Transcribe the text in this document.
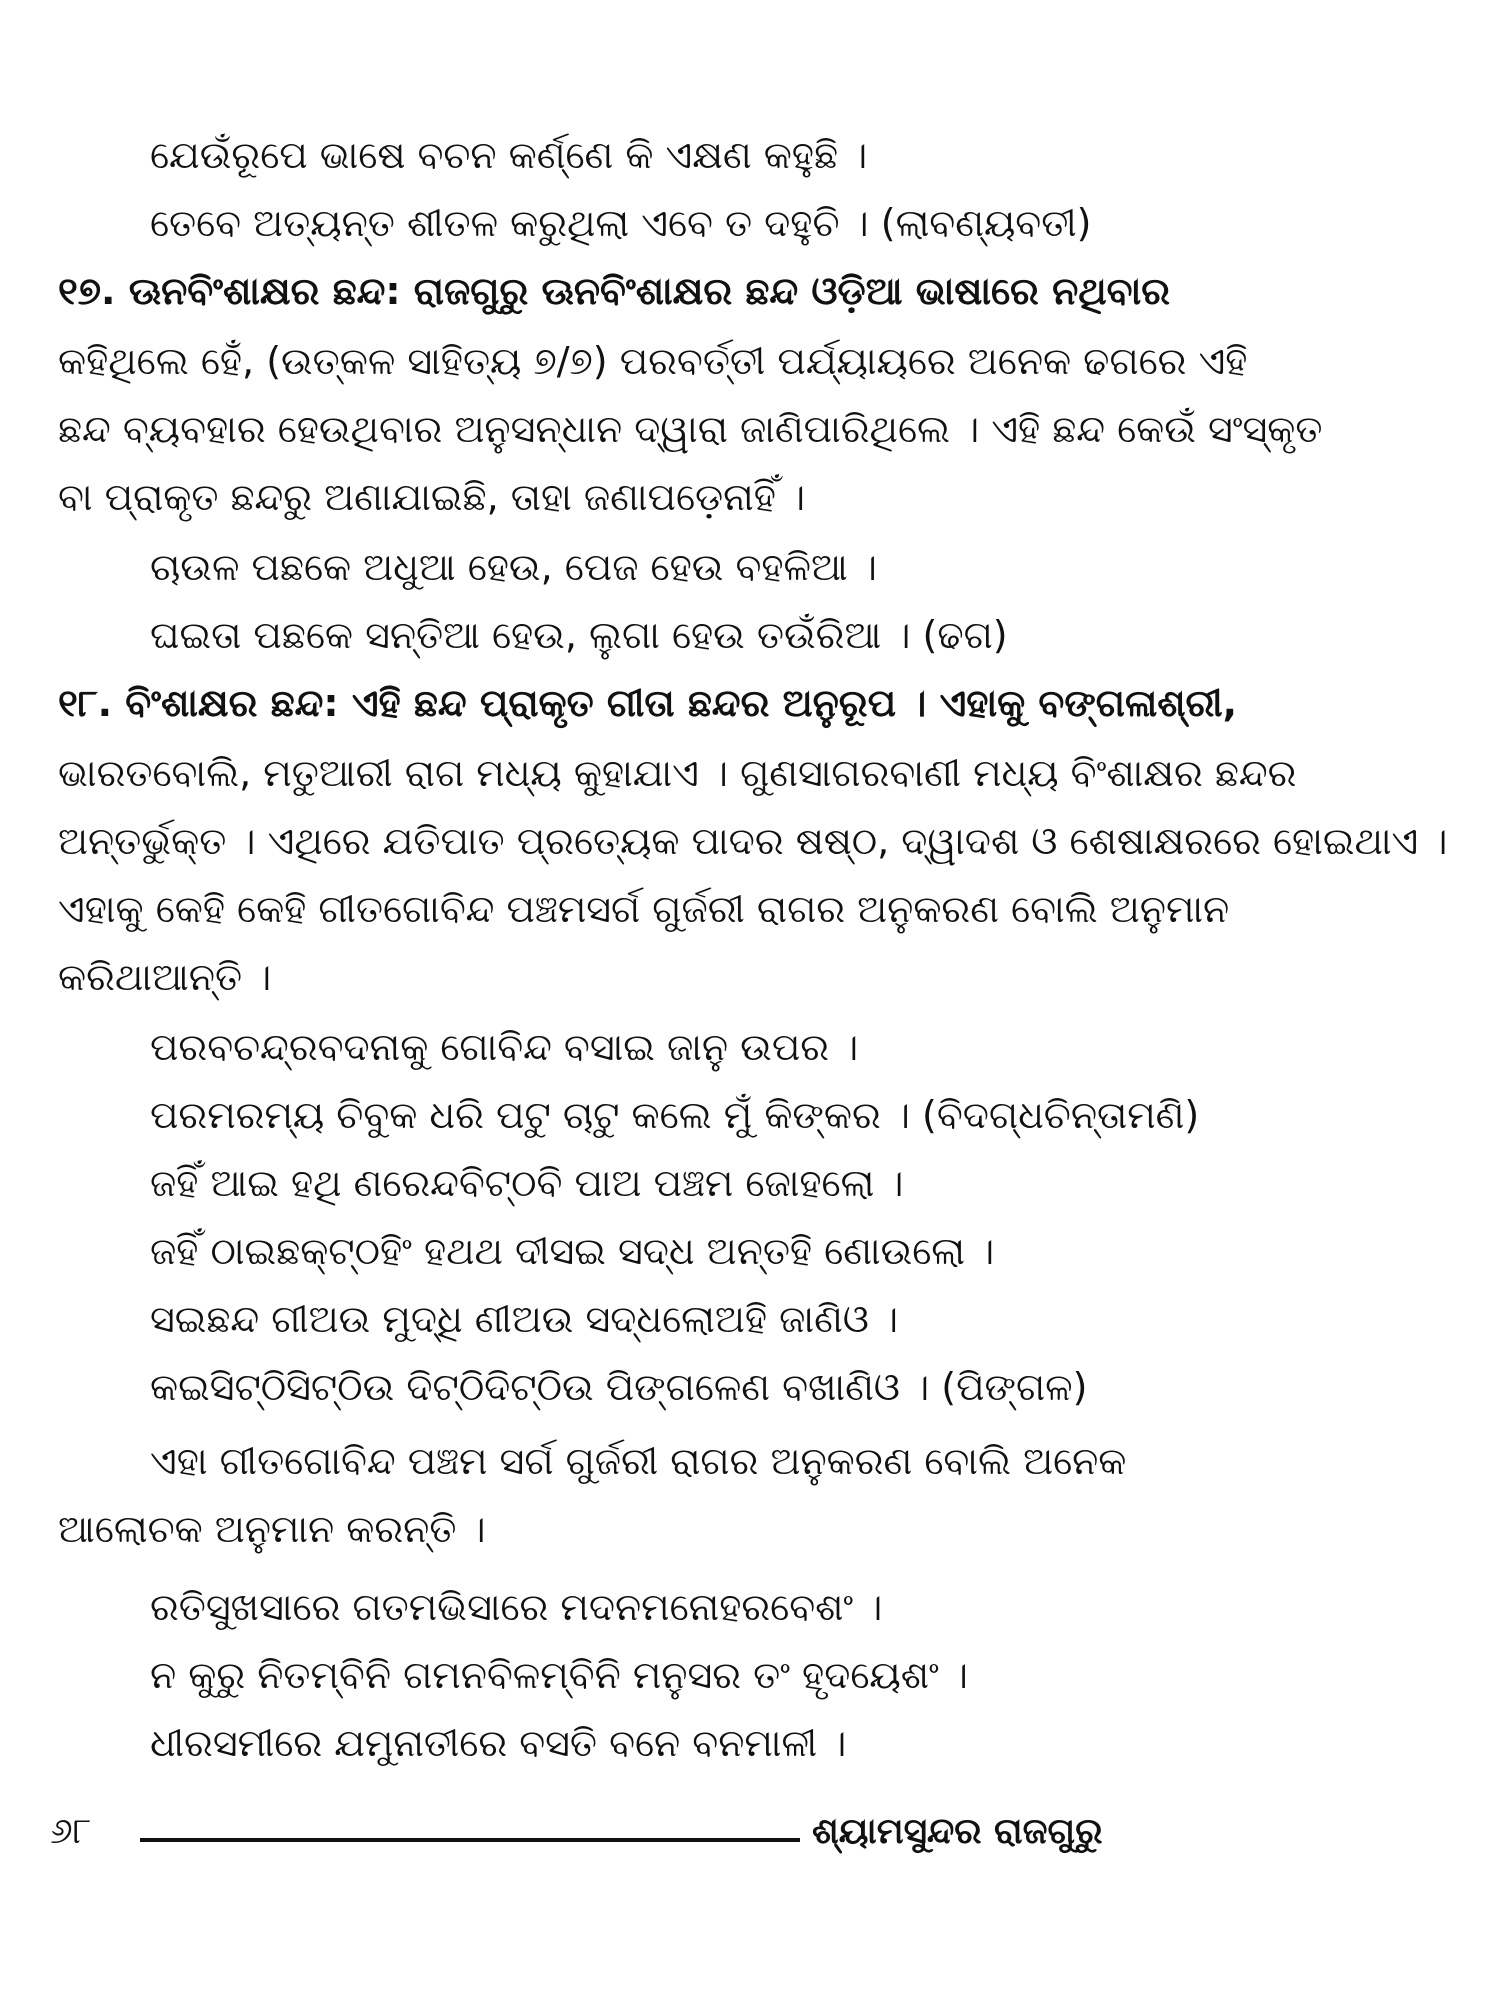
ଯେଉଁରୂପେ ଭାଷେ ବଚନ କର୍ଣ୍ଣେ କି ଏକ୍ଷଣ କହୁଛି ।
ତେବେ ଅତ୍ୟନ୍ତ ଶୀତଳ କରୁଥିଲା ଏବେ ତ ଦହୁଚି । (ଲାବଣ୍ୟବତୀ)
୧୭. ଊନବିଂଶାକ୍ଷର ଛନ୍ଦ: ରାଜଗୁରୁ ଊନବିଂଶାକ୍ଷର ଛନ୍ଦ ଓଡ଼ିଆ ଭାଷାରେ ନଥିବାର
କହିଥିଲେ ହେଁ, (ଉତ୍କଳ ସାହିତ୍ୟ ୭/୭) ପରବର୍ତ୍ତୀ ପର୍ଯ୍ୟାୟରେ ଅନେକ ଢଗରେ ଏହି
ଛନ୍ଦ ବ୍ୟବହାର ହେଉଥିବାର ଅନୁସନ୍ଧାନ ଦ୍ୱାରା ଜାଣିପାରିଥିଲେ । ଏହି ଛନ୍ଦ କେଉଁ ସଂସ୍କୃତ
ବା ପ୍ରାକୃତ ଛନ୍ଦରୁ ଅଣାଯାଇଛି, ତାହା ଜଣାପଡ଼େନାହିଁ ।
ଚାଉଳ ପଛକେ ଅଧୁଆ ହେଉ, ପେଜ ହେଉ ବହଳିଆ ।
ଘଇତା ପଛକେ ସନ୍ତିଆ ହେଉ, ଲୁଗା ହେଉ ତଉଁରିଆ । (ଢଗ)
୧୮. ବିଂଶାକ୍ଷର ଛନ୍ଦ: ଏହି ଛନ୍ଦ ପ୍ରାକୃତ ଗୀତା ଛନ୍ଦର ଅନୁରୂପ । ଏହାକୁ ବଙ୍ଗଳାଶ୍ରୀ,
ଭାରତବୋଲି, ମତୁଆରୀ ରାଗ ମଧ୍ୟ କୁହାଯାଏ । ଗୁଣସାଗରବାଣୀ ମଧ୍ୟ ବିଂଶାକ୍ଷର ଛନ୍ଦର
ଅନ୍ତର୍ଭୁକ୍ତ । ଏଥିରେ ଯତିପାତ ପ୍ରତ୍ୟେକ ପାଦର ଷଷ୍ଠ, ଦ୍ୱାଦଶ ଓ ଶେଷାକ୍ଷରରେ ହୋଇଥାଏ ।
ଏହାକୁ କେହି କେହି ଗୀତଗୋବିନ୍ଦ ପଞ୍ଚମସର୍ଗ ଗୁର୍ଜରୀ ରାଗର ଅନୁକରଣ ବୋଲି ଅନୁମାନ
କରିଥାଆନ୍ତି ।
ପରବଚନ୍ଦ୍ରବଦନାକୁ ଗୋବିନ୍ଦ ବସାଇ ଜାନୁ ଉପର ।
ପରମରମ୍ୟ ଚିବୁକ ଧରି ପଟୁ ଚାଟୁ କଲେ ମୁଁ କିଙ୍କର । (ବିଦଗ୍ଧଚିନ୍ତାମଣି)
ଜହିଁ ଆଇ ହଥି ଣରେନ୍ଦବିଟ୍‌ଠବି ପାଅ ପଞ୍ଚମ ଜୋହଲୋ ।
ଜହିଁ ଠାଇଛକ୍‌ଟ୍‌ଠହିଂ ହଥଥ ଦୀସଇ ସଦ୍ଧ ଅନ୍ତହି ଣୋଉଲୋ ।
ସଇଛନ୍ଦ ଗୀଅଉ ମୁଦ୍ଧି ଣୀଅଉ ସଦ୍ଧଲୋଅହି ଜାଣିଓ ।
କଇସିଟ୍‌ଠିସିଟ୍‌ଠିଉ ଦିଟ୍‌ଠିଦିଟ୍‌ଠିଉ ପିଙ୍ଗଳେଣ ବଖାଣିଓ । (ପିଙ୍ଗଳ)
ଏହା ଗୀତଗୋବିନ୍ଦ ପଞ୍ଚମ ସର୍ଗ ଗୁର୍ଜରୀ ରାଗର ଅନୁକରଣ ବୋଲି ଅନେକ
ଆଲୋଚକ ଅନୁମାନ କରନ୍ତି ।
ରତିସୁଖସାରେ ଗତମଭିସାରେ ମଦନମନୋହରବେଶଂ ।
ନ କୁରୁ ନିତମ୍ବିନି ଗମନବିଳମ୍ବିନି ମନୁସର ତଂ ହୃଦୟେଶଂ ।
ଧୀରସମୀରେ ଯମୁନାତୀରେ ବସତି ବନେ ବନମାଳୀ ।
୬୮	ଶ୍ୟାମସୁନ୍ଦର ରାଜଗୁରୁ
